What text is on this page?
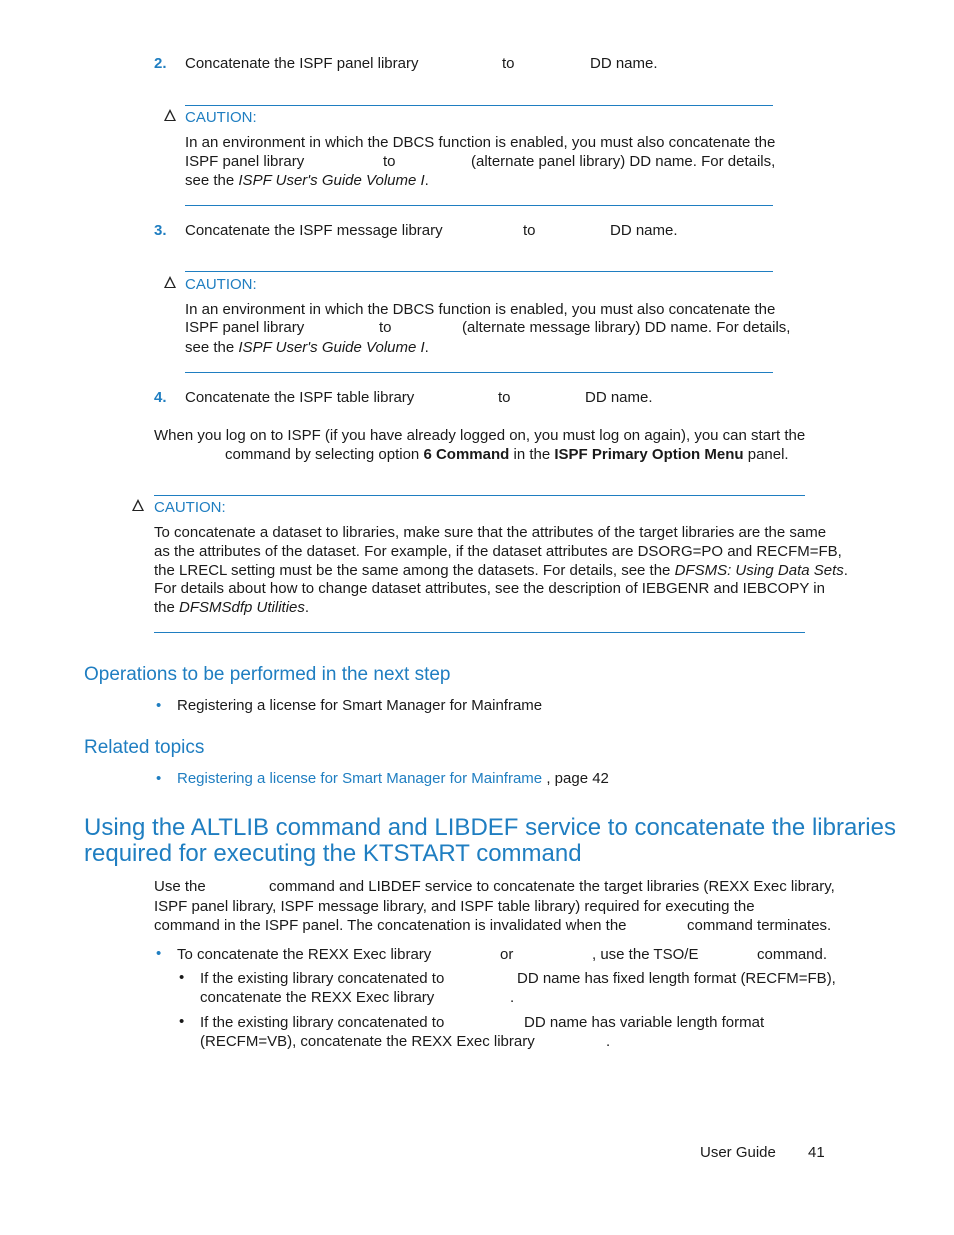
2. Concatenate the ISPF panel library	to	DD name.
CAUTION:
In an environment in which the DBCS function is enabled, you must also concatenate the
ISPF panel library	to	(alternate panel library) DD name. For details,
see the ISPF User's Guide Volume I.
3. Concatenate the ISPF message library	to	DD name.
CAUTION:
In an environment in which the DBCS function is enabled, you must also concatenate the
ISPF panel library	to	(alternate message library) DD name. For details,
see the ISPF User's Guide Volume I.
4. Concatenate the ISPF table library	to	DD name.
When you log on to ISPF (if you have already logged on, you must log on again), you can start the
command by selecting option 6 Command in the ISPF Primary Option Menu panel.
CAUTION:
To concatenate a dataset to libraries, make sure that the attributes of the target libraries are the same
as the attributes of the dataset. For example, if the dataset attributes are DSORG=PO and RECFM=FB,
the LRECL setting must be the same among the datasets. For details, see the DFSMS: Using Data Sets.
For details about how to change dataset attributes, see the description of IEBGENR and IEBCOPY in
the DFSMSdfp Utilities.
Operations to be performed in the next step
• Registering a license for Smart Manager for Mainframe
Related topics
• Registering a license for Smart Manager for Mainframe , page 42
Using the ALTLIB command and LIBDEF service to concatenate the libraries
required for executing the KTSTART command
Use the	command and LIBDEF service to concatenate the target libraries (REXX Exec library,
ISPF panel library, ISPF message library, and ISPF table library) required for executing the
command in the ISPF panel. The concatenation is invalidated when the	command terminates.
• To concatenate the REXX Exec library	or	, use the TSO/E	command.
• If the existing library concatenated to	DD name has fixed length format (RECFM=FB),
concatenate the REXX Exec library	.
• If the existing library concatenated to	DD name has variable length format
(RECFM=VB), concatenate the REXX Exec library	.
User Guide 41
